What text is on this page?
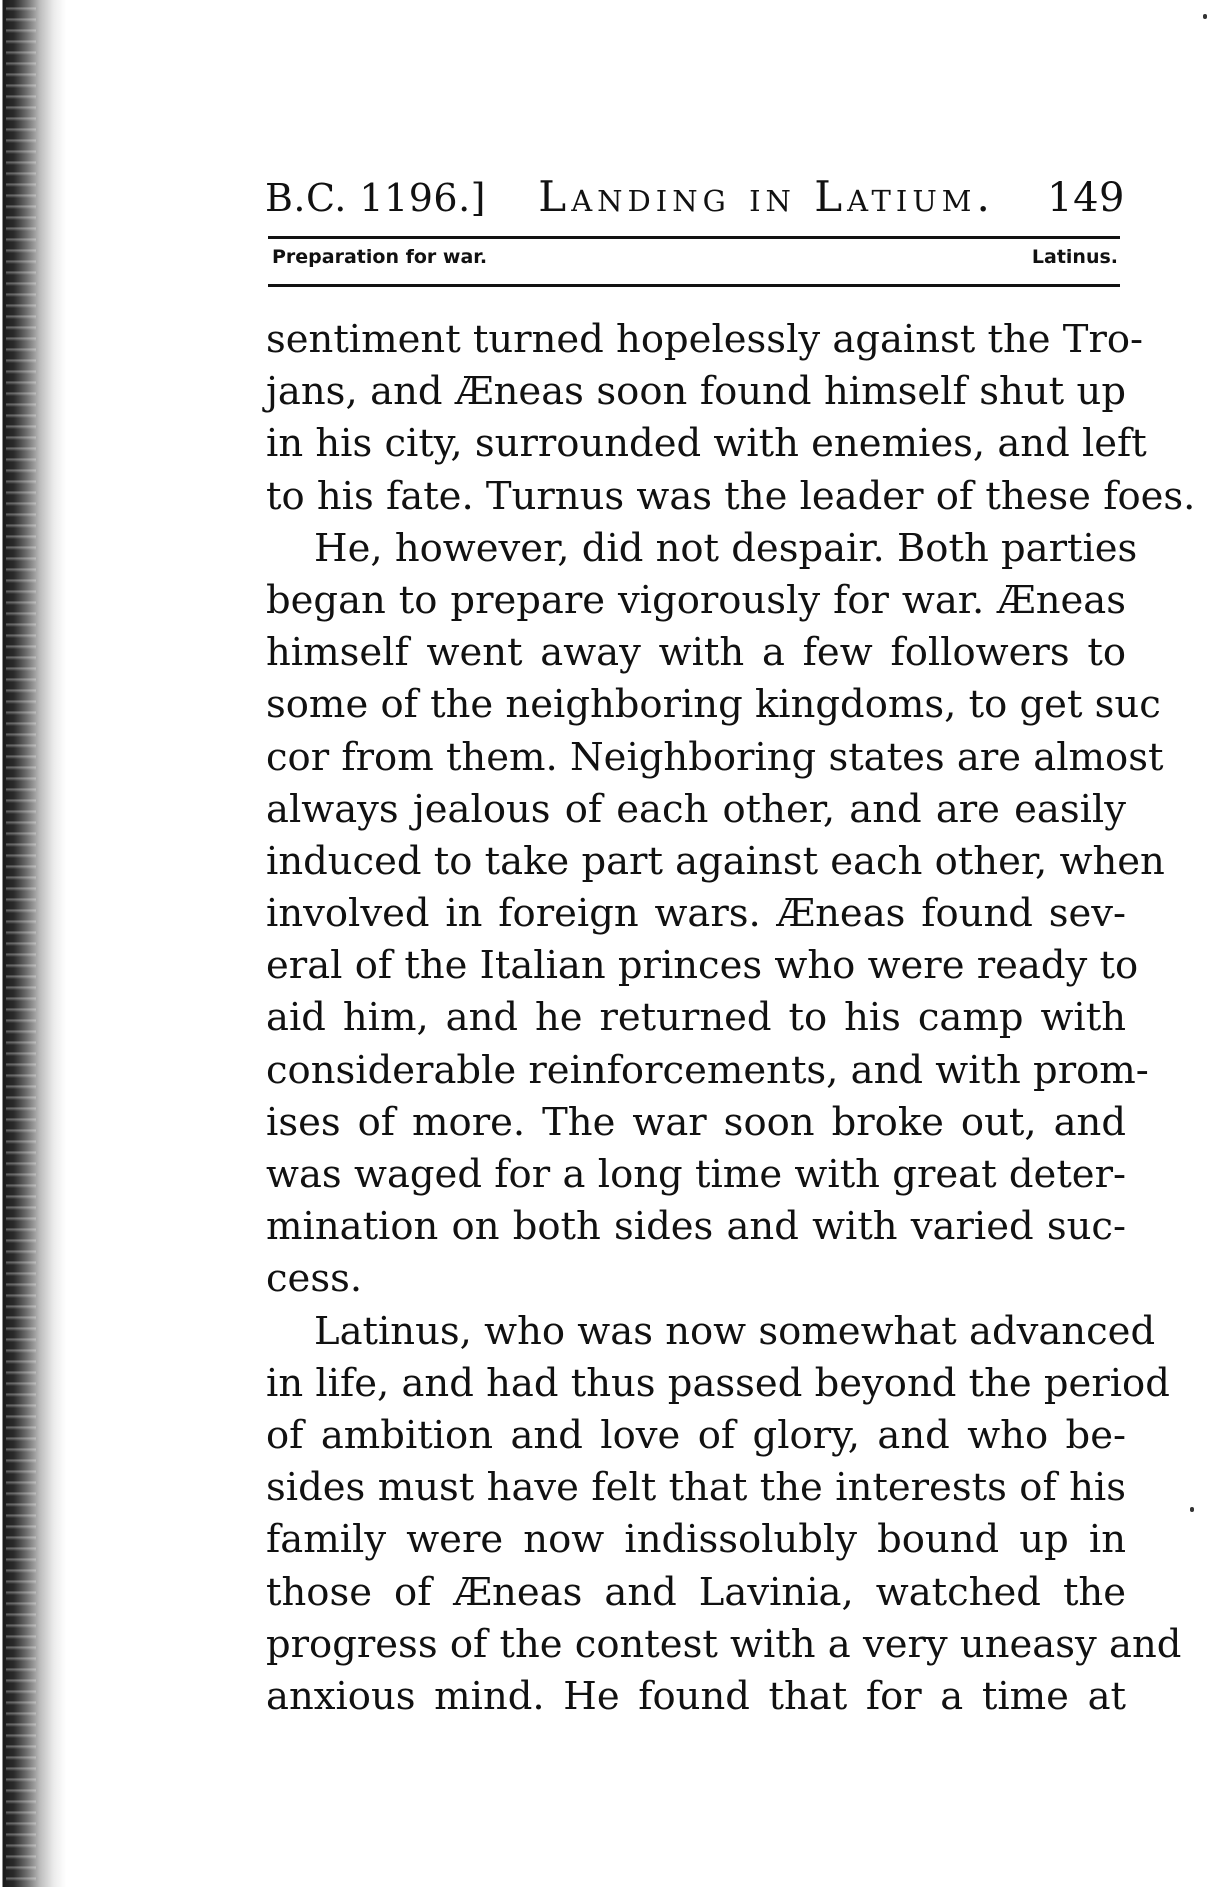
B.C. 1196.] Landing in Latium. 149
Preparation for war.	Latinus.
sentiment turned hopelessly against the Tro-
jans, and Æneas soon found himself shut up
in his city, surrounded with enemies, and left
to his fate. Turnus was the leader of these foes.
He, however, did not despair. Both parties
began to prepare vigorously for war. Æneas
himself went away with a few followers to
some of the neighboring kingdoms, to get suc
cor from them. Neighboring states are almost
always jealous of each other, and are easily
induced to take part against each other, when
involved in foreign wars. Æneas found sev-
eral of the Italian princes who were ready to
aid him, and he returned to his camp with
considerable reinforcements, and with prom-
ises of more. The war soon broke out, and
was waged for a long time with great deter-
mination on both sides and with varied suc-
cess.
Latinus, who was now somewhat advanced
in life, and had thus passed beyond the period
of ambition and love of glory, and who be-
sides must have felt that the interests of his
family were now indissolubly bound up in
those of Æneas and Lavinia, watched the
progress of the contest with a very uneasy and
anxious mind. He found that for a time at
